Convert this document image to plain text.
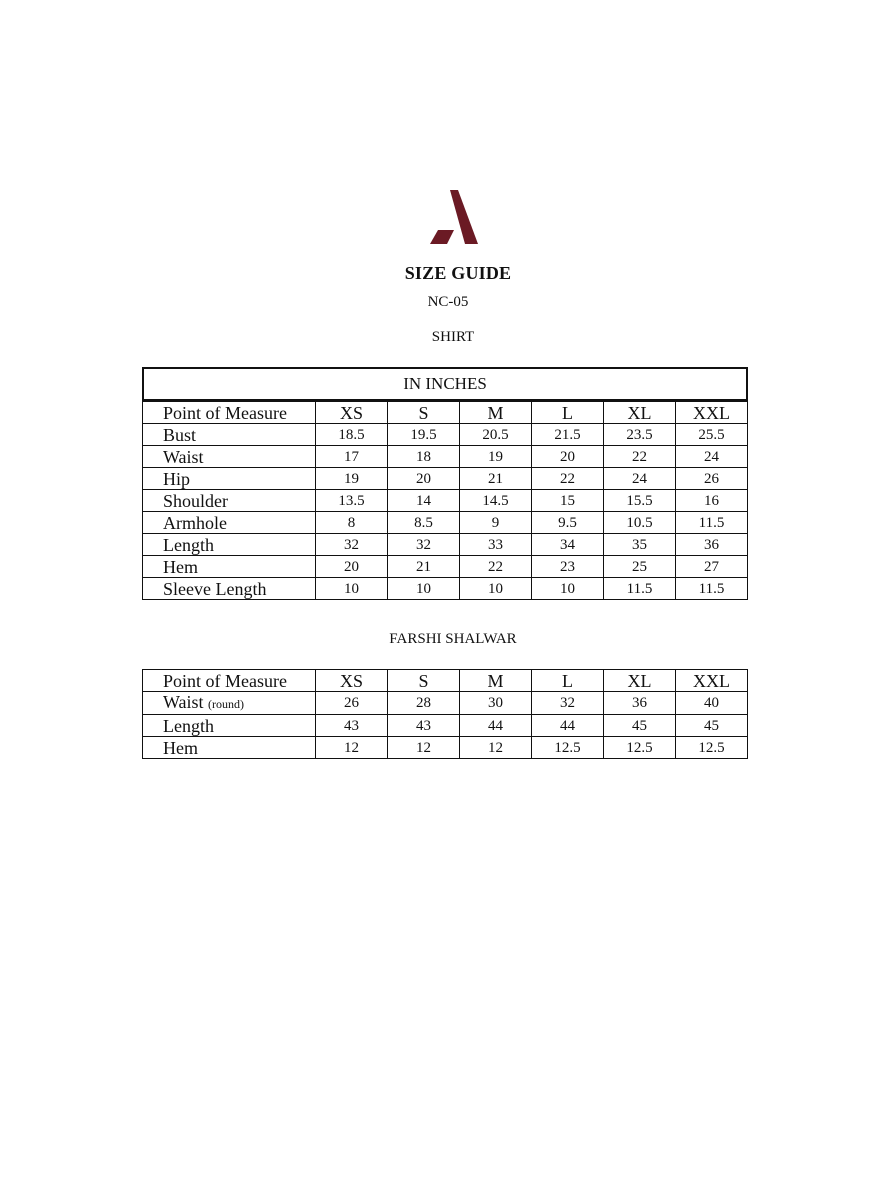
SIZE GUIDE
NC-05
SHIRT
IN INCHES
Point of Measure	XS	S	M	L	XL	XXL
Bust	18.5	19.5	20.5	21.5	23.5	25.5
Waist	17	18	19	20	22	24
Hip	19	20	21	22	24	26
Shoulder	13.5	14	14.5	15	15.5	16
Armhole	8	8.5	9	9.5	10.5	11.5
Length	32	32	33	34	35	36
Hem	20	21	22	23	25	27
Sleeve Length	10	10	10	10	11.5	11.5
FARSHI SHALWAR
Point of Measure	XS	S	M	L	XL	XXL
Waist (round)	26	28	30	32	36	40
Length	43	43	44	44	45	45
Hem	12	12	12	12.5	12.5	12.5
